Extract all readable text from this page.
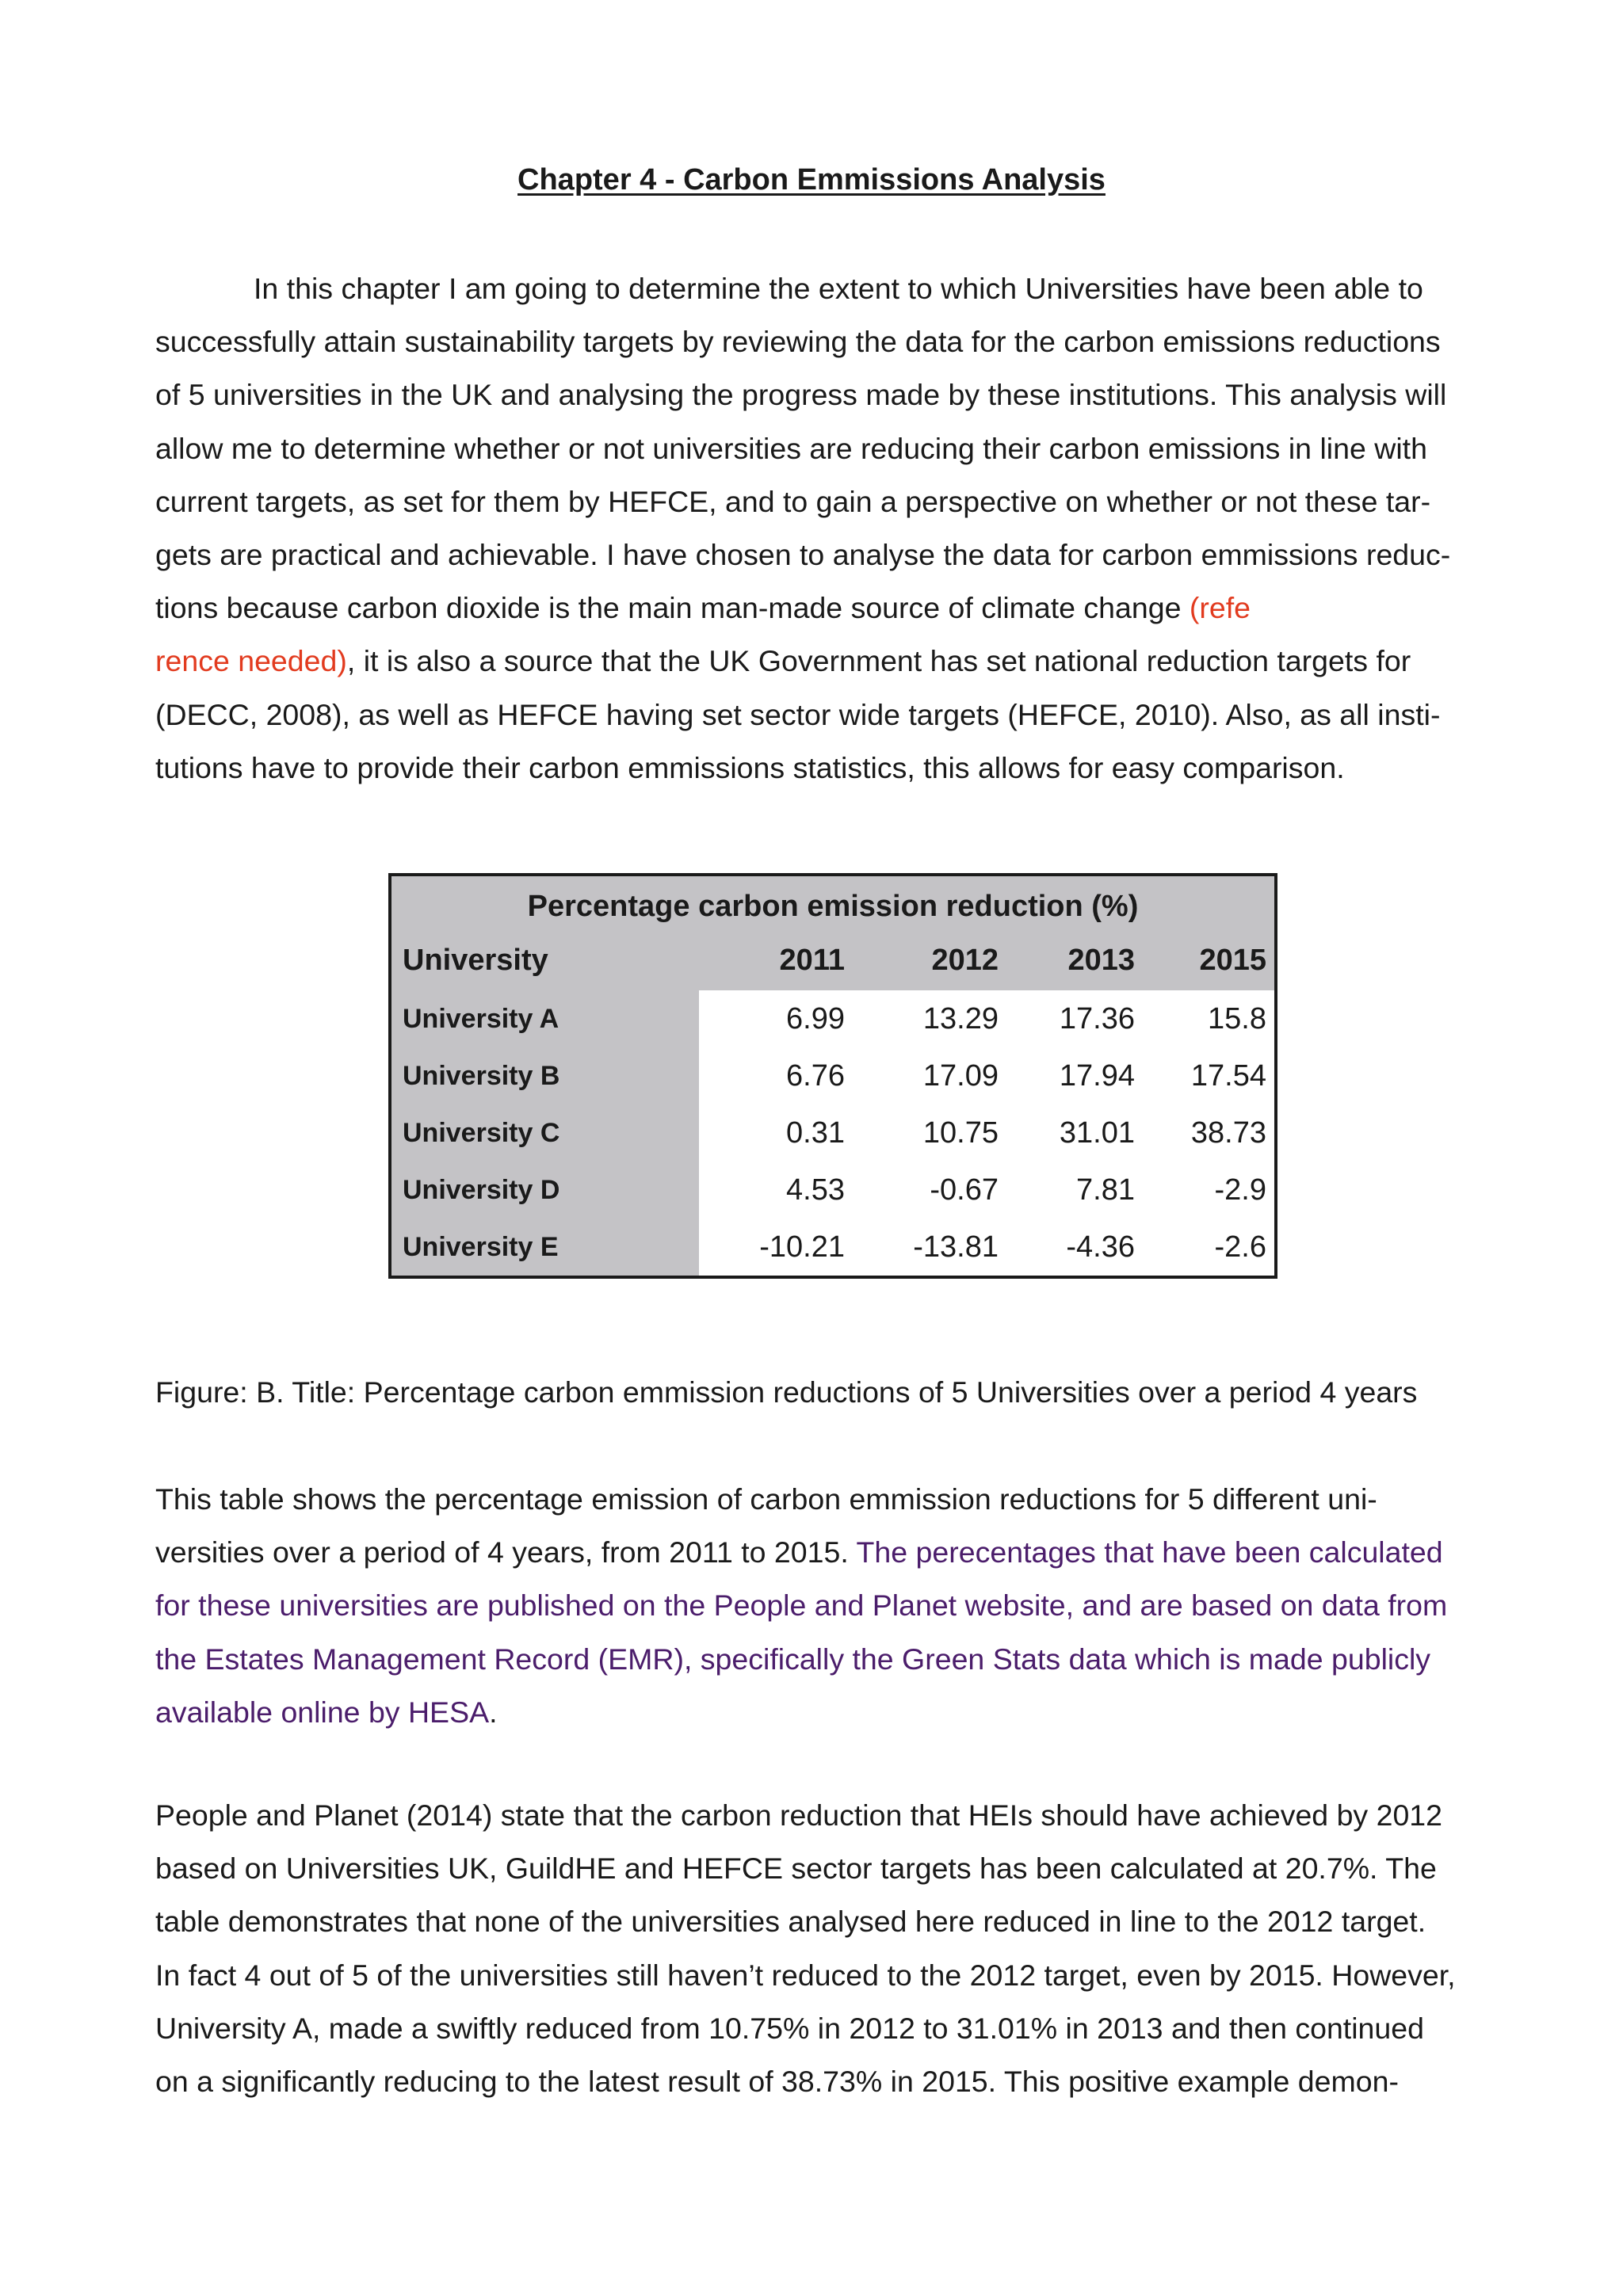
Chapter 4 - Carbon Emmissions Analysis
In this chapter I am going to determine the extent to which Universities have been able to
successfully attain sustainability targets by reviewing the data for the carbon emissions reductions
of 5 universities in the UK and analysing the progress made by these institutions. This analysis will
allow me to determine whether or not universities are reducing their carbon emissions in line with
current targets, as set for them by HEFCE, and to gain a perspective on whether or not these tar-
gets are practical and achievable. I have chosen to analyse the data for carbon emmissions reduc-
tions because carbon dioxide is the main man-made source of climate change (refe
rence needed), it is also a source that the UK Government has set national reduction targets for
(DECC, 2008), as well as HEFCE having set sector wide targets (HEFCE, 2010). Also, as all insti-
tutions have to provide their carbon emmissions statistics, this allows for easy comparison.
Percentage carbon emission reduction (%)
University	2011	2012	2013	2015
University A	6.99	13.29	17.36	15.8
University B	6.76	17.09	17.94	17.54
University C	0.31	10.75	31.01	38.73
University D	4.53	-0.67	7.81	-2.9
University E	-10.21	-13.81	-4.36	-2.6
Figure: B. Title: Percentage carbon emmission reductions of 5 Universities over a period 4 years
This table shows the percentage emission of carbon emmission reductions for 5 different uni-
versities over a period of 4 years, from 2011 to 2015. The perecentages that have been calculated
for these universities are published on the People and Planet website, and are based on data from
the Estates Management Record (EMR), specifically the Green Stats data which is made publicly
available online by HESA.
People and Planet (2014) state that the carbon reduction that HEIs should have achieved by 2012
based on Universities UK, GuildHE and HEFCE sector targets has been calculated at 20.7%. The
table demonstrates that none of the universities analysed here reduced in line to the 2012 target.
In fact 4 out of 5 of the universities still haven’t reduced to the 2012 target, even by 2015. However,
University A, made a swiftly reduced from 10.75% in 2012 to 31.01% in 2013 and then continued
on a significantly reducing to the latest result of 38.73% in 2015. This positive example demon-
